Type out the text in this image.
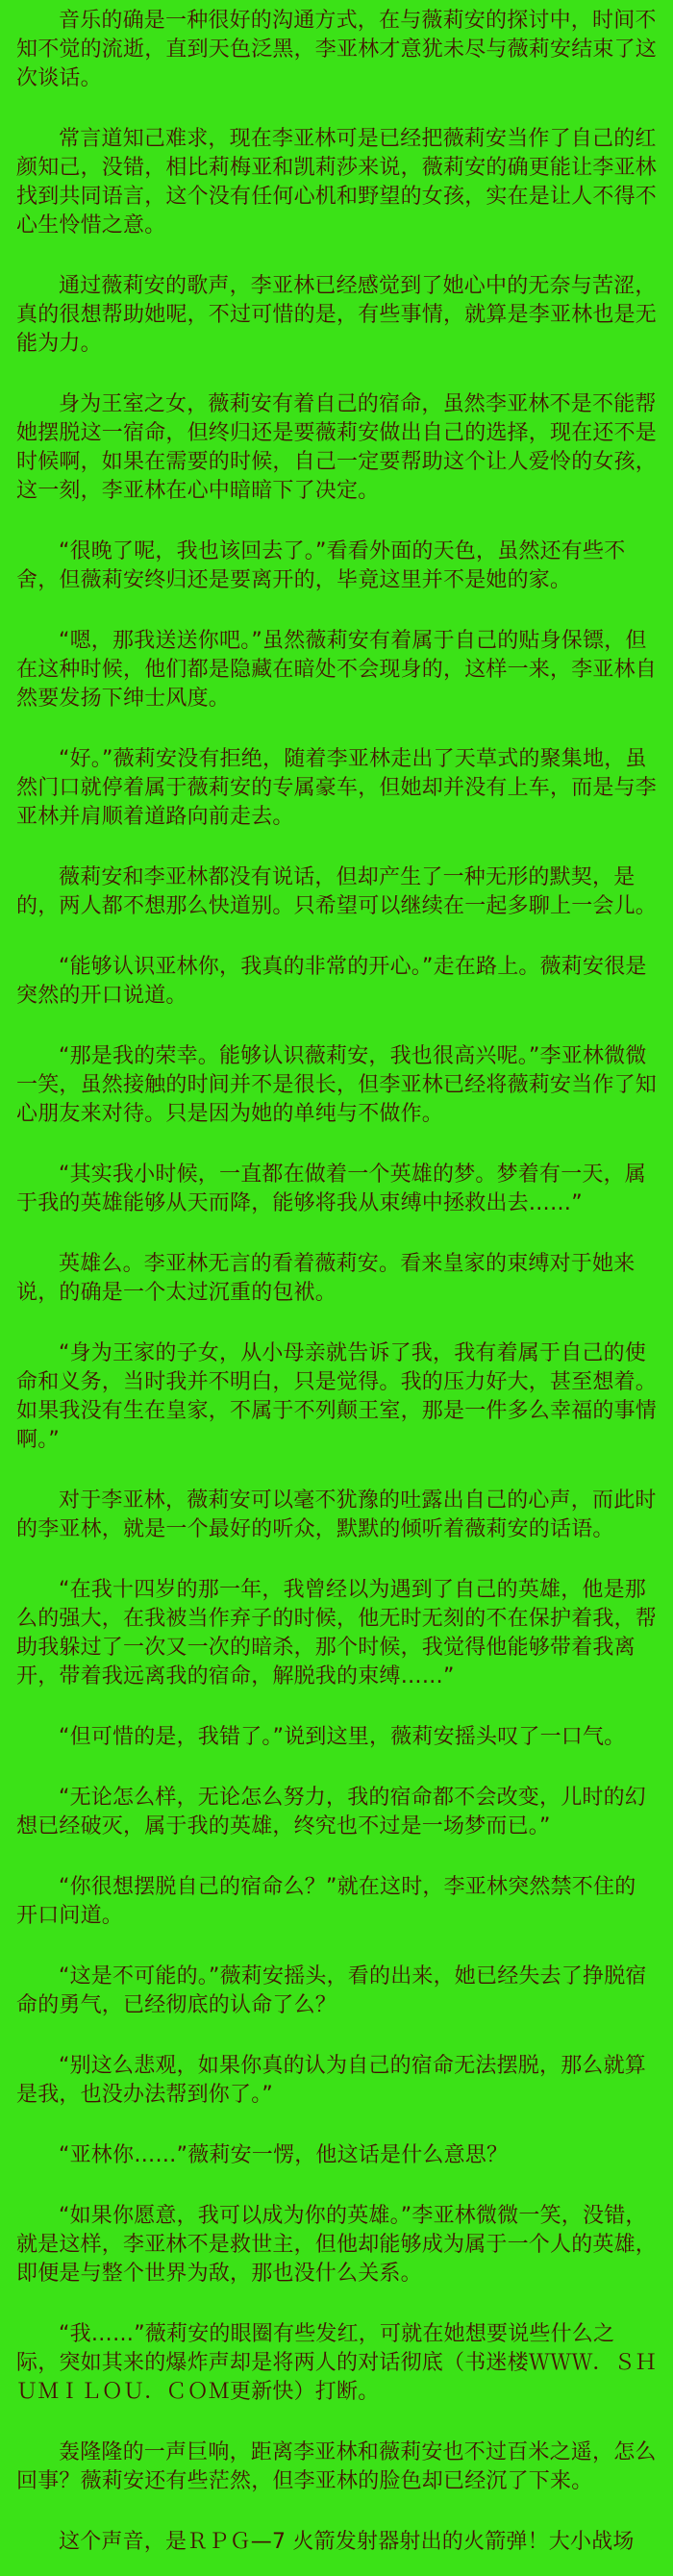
音乐的确是一种很好的沟通方式，在与薇莉安的探讨中，时间不知不觉的流逝，直到天色泛黑，李亚林才意犹未尽与薇莉安结束了这次谈话。

常言道知己难求，现在李亚林可是已经把薇莉安当作了自己的红颜知己，没错，相比莉梅亚和凯莉莎来说，薇莉安的确更能让李亚林找到共同语言，这个没有任何心机和野望的女孩，实在是让人不得不心生怜惜之意。

通过薇莉安的歌声，李亚林已经感觉到了她心中的无奈与苦涩，真的很想帮助她呢，不过可惜的是，有些事情，就算是李亚林也是无能为力。

身为王室之女，薇莉安有着自己的宿命，虽然李亚林不是不能帮她摆脱这一宿命，但终归还是要薇莉安做出自己的选择，现在还不是时候啊，如果在需要的时候，自己一定要帮助这个让人爱怜的女孩，这一刻，李亚林在心中暗暗下了决定。

“很晚了呢，我也该回去了。”看看外面的天色，虽然还有些不舍，但薇莉安终归还是要离开的，毕竟这里并不是她的家。

“嗯，那我送送你吧。”虽然薇莉安有着属于自己的贴身保镖，但在这种时候，他们都是隐藏在暗处不会现身的，这样一来，李亚林自然要发扬下绅士风度。

“好。”薇莉安没有拒绝，随着李亚林走出了天草式的聚集地，虽然门口就停着属于薇莉安的专属豪车，但她却并没有上车，而是与李亚林并肩顺着道路向前走去。

薇莉安和李亚林都没有说话，但却产生了一种无形的默契，是的，两人都不想那么快道别。只希望可以继续在一起多聊上一会儿。

“能够认识亚林你，我真的非常的开心。”走在路上。薇莉安很是突然的开口说道。

“那是我的荣幸。能够认识薇莉安，我也很高兴呢。”李亚林微微一笑，虽然接触的时间并不是很长，但李亚林已经将薇莉安当作了知心朋友来对待。只是因为她的单纯与不做作。

“其实我小时候，一直都在做着一个英雄的梦。梦着有一天，属于我的英雄能够从天而降，能够将我从束缚中拯救出去……”

英雄么。李亚林无言的看着薇莉安。看来皇家的束缚对于她来说，的确是一个太过沉重的包袱。

“身为王家的子女，从小母亲就告诉了我，我有着属于自己的使命和义务，当时我并不明白，只是觉得。我的压力好大，甚至想着。如果我没有生在皇家，不属于不列颠王室，那是一件多么幸福的事情啊。”

对于李亚林，薇莉安可以毫不犹豫的吐露出自己的心声，而此时的李亚林，就是一个最好的听众，默默的倾听着薇莉安的话语。

“在我十四岁的那一年，我曾经以为遇到了自己的英雄，他是那么的强大，在我被当作弃子的时候，他无时无刻的不在保护着我，帮助我躲过了一次又一次的暗杀，那个时候，我觉得他能够带着我离开，带着我远离我的宿命，解脱我的束缚……”

“但可惜的是，我错了。”说到这里，薇莉安摇头叹了一口气。

“无论怎么样，无论怎么努力，我的宿命都不会改变，儿时的幻想已经破灭，属于我的英雄，终究也不过是一场梦而已。”

“你很想摆脱自己的宿命么？”就在这时，李亚林突然禁不住的开口问道。

“这是不可能的。”薇莉安摇头，看的出来，她已经失去了挣脱宿命的勇气，已经彻底的认命了么？

“别这么悲观，如果你真的认为自己的宿命无法摆脱，那么就算是我，也没办法帮到你了。”

“亚林你……”薇莉安一愣，他这话是什么意思？

“如果你愿意，我可以成为你的英雄。”李亚林微微一笑，没错，就是这样，李亚林不是救世主，但他却能够成为属于一个人的英雄，即便是与整个世界为敌，那也没什么关系。

“我……”薇莉安的眼圈有些发红，可就在她想要说些什么之际，突如其来的爆炸声却是将两人的对话彻底（书迷楼ＷＷＷ．ＳＨＵＭＩＬＯＵ．ＣＯＭ更新快）打断。

轰隆隆的一声巨响，距离李亚林和薇莉安也不过百米之遥，怎么回事？薇莉安还有些茫然，但李亚林的脸色却已经沉了下来。

这个声音，是ＲＰＧ—7 火箭发射器射出的火箭弹！大小战场
